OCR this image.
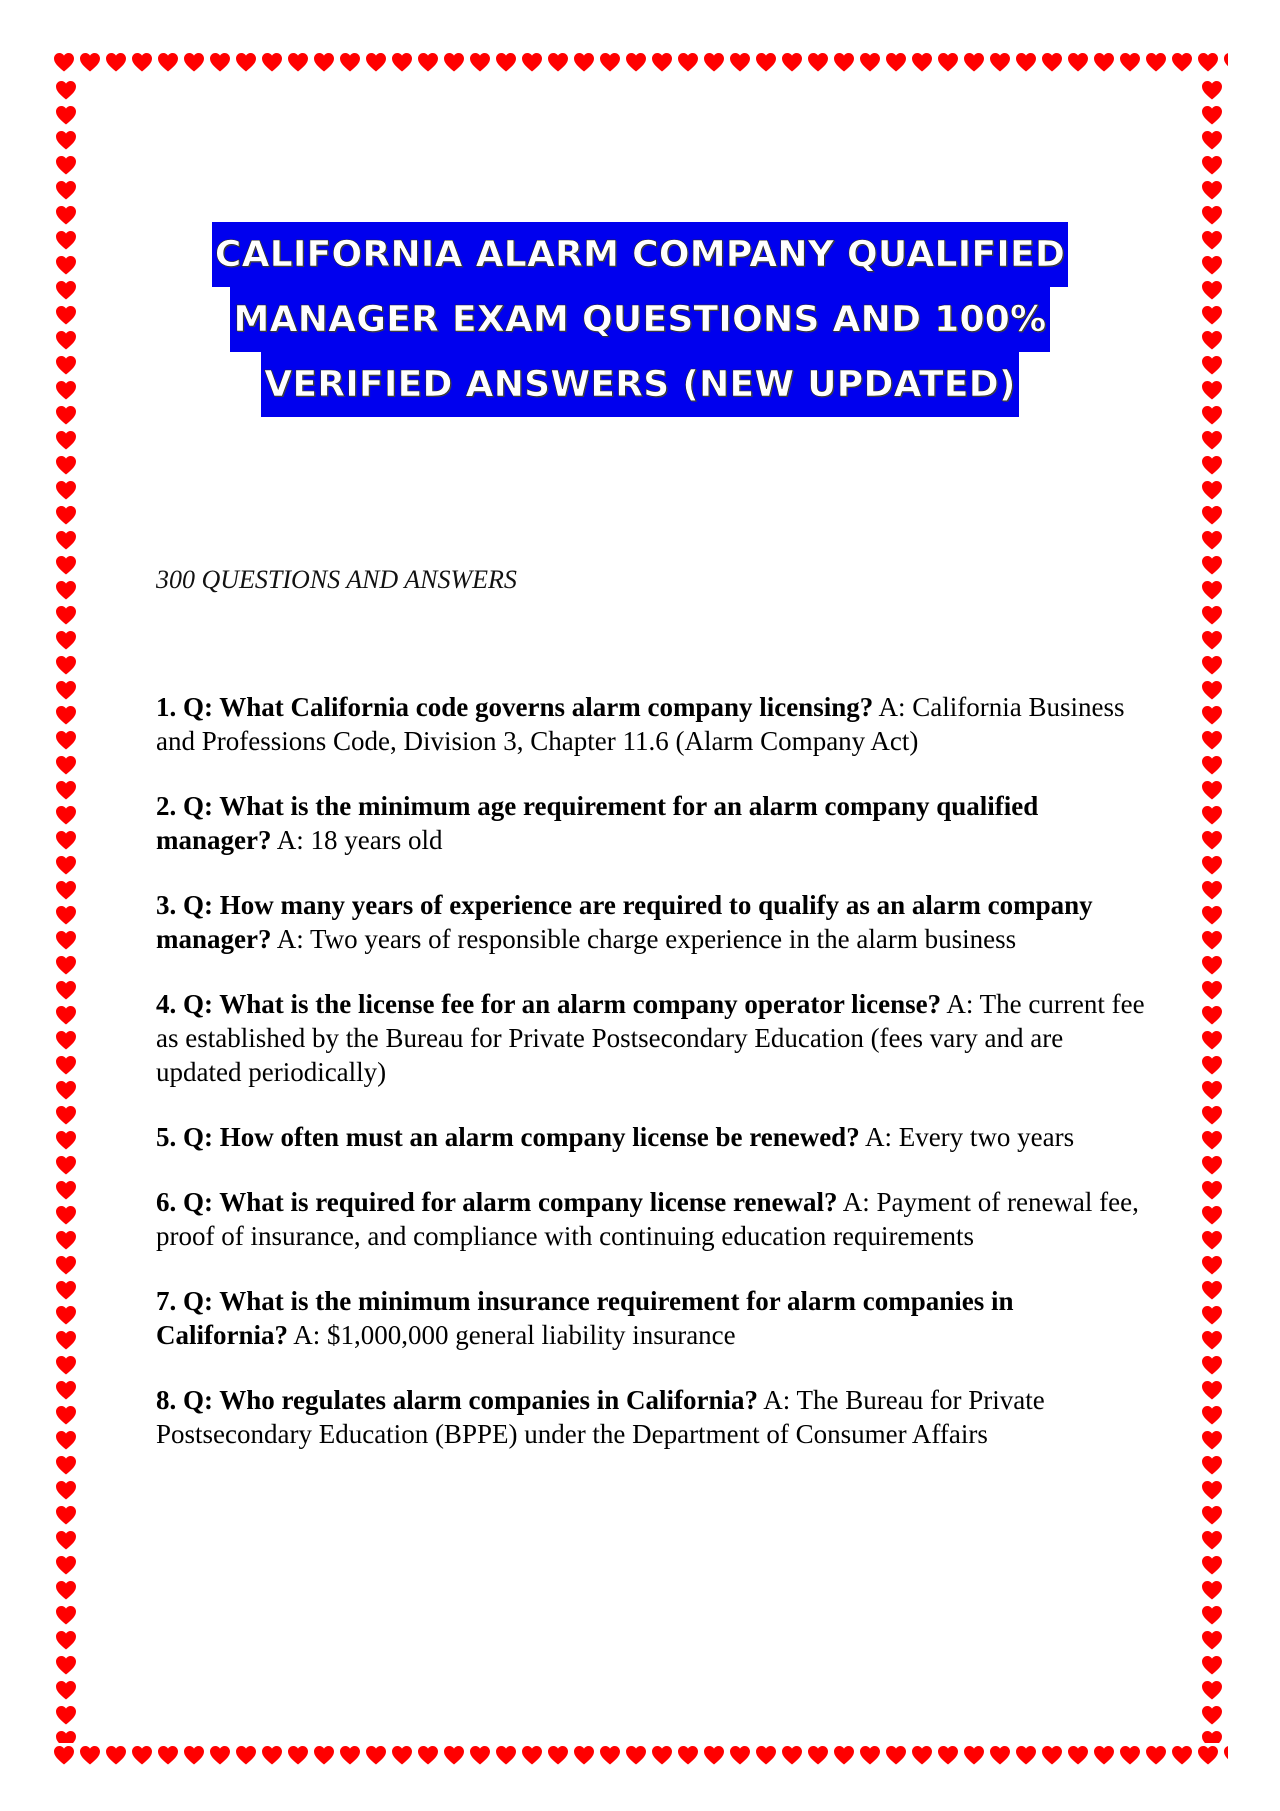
CALIFORNIA ALARM COMPANY QUALIFIED
MANAGER EXAM QUESTIONS AND 100%
VERIFIED ANSWERS (NEW UPDATED)
300 QUESTIONS AND ANSWERS

1. Q: What California code governs alarm company licensing? A: California Business and Professions Code, Division 3, Chapter 11.6 (Alarm Company Act)

2. Q: What is the minimum age requirement for an alarm company qualified manager? A: 18 years old

3. Q: How many years of experience are required to qualify as an alarm company manager? A: Two years of responsible charge experience in the alarm business

4. Q: What is the license fee for an alarm company operator license? A: The current fee as established by the Bureau for Private Postsecondary Education (fees vary and are updated periodically)

5. Q: How often must an alarm company license be renewed? A: Every two years

6. Q: What is required for alarm company license renewal? A: Payment of renewal fee, proof of insurance, and compliance with continuing education requirements

7. Q: What is the minimum insurance requirement for alarm companies in California? A: $1,000,000 general liability insurance

8. Q: Who regulates alarm companies in California? A: The Bureau for Private Postsecondary Education (BPPE) under the Department of Consumer Affairs
